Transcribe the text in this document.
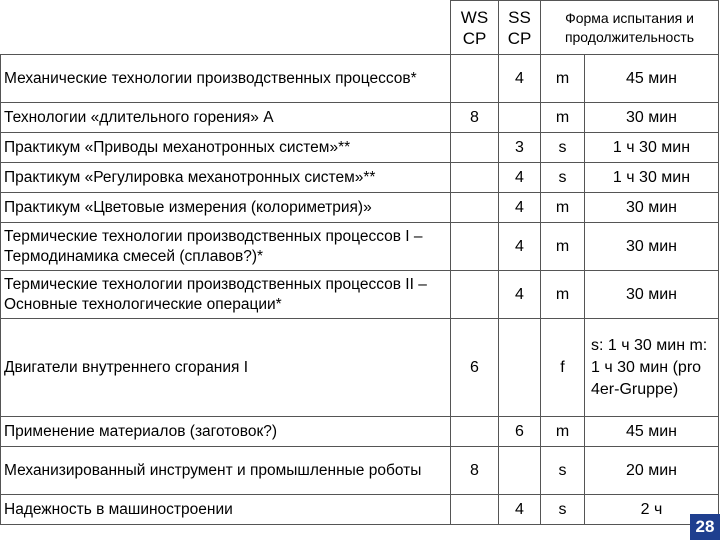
	WS CP	SS CP	Форма испытания и продолжительность	
Механические технологии производственных процессов*		4	m	45 мин
Технологии «длительного горения» А	8		m	30 мин
Практикум «Приводы механотронных систем»**		3	s	1 ч 30 мин
Практикум «Регулировка механотронных систем»**		4	s	1 ч 30 мин
Практикум «Цветовые измерения (колориметрия)»		4	m	30 мин
Термические технологии производственных процессов I – Термодинамика смесей (сплавов?)*		4	m	30 мин
Термические технологии производственных процессов II – Основные технологические операции*		4	m	30 мин
Двигатели внутреннего сгорания I	6		f	s: 1 ч 30 мин m: 1 ч 30 мин (pro 4er-Gruppe)
Применение материалов (заготовок?)		6	m	45 мин
Механизированный инструмент и промышленные роботы	8		s	20 мин
Надежность в машиностроении		4	s	2 ч
28
